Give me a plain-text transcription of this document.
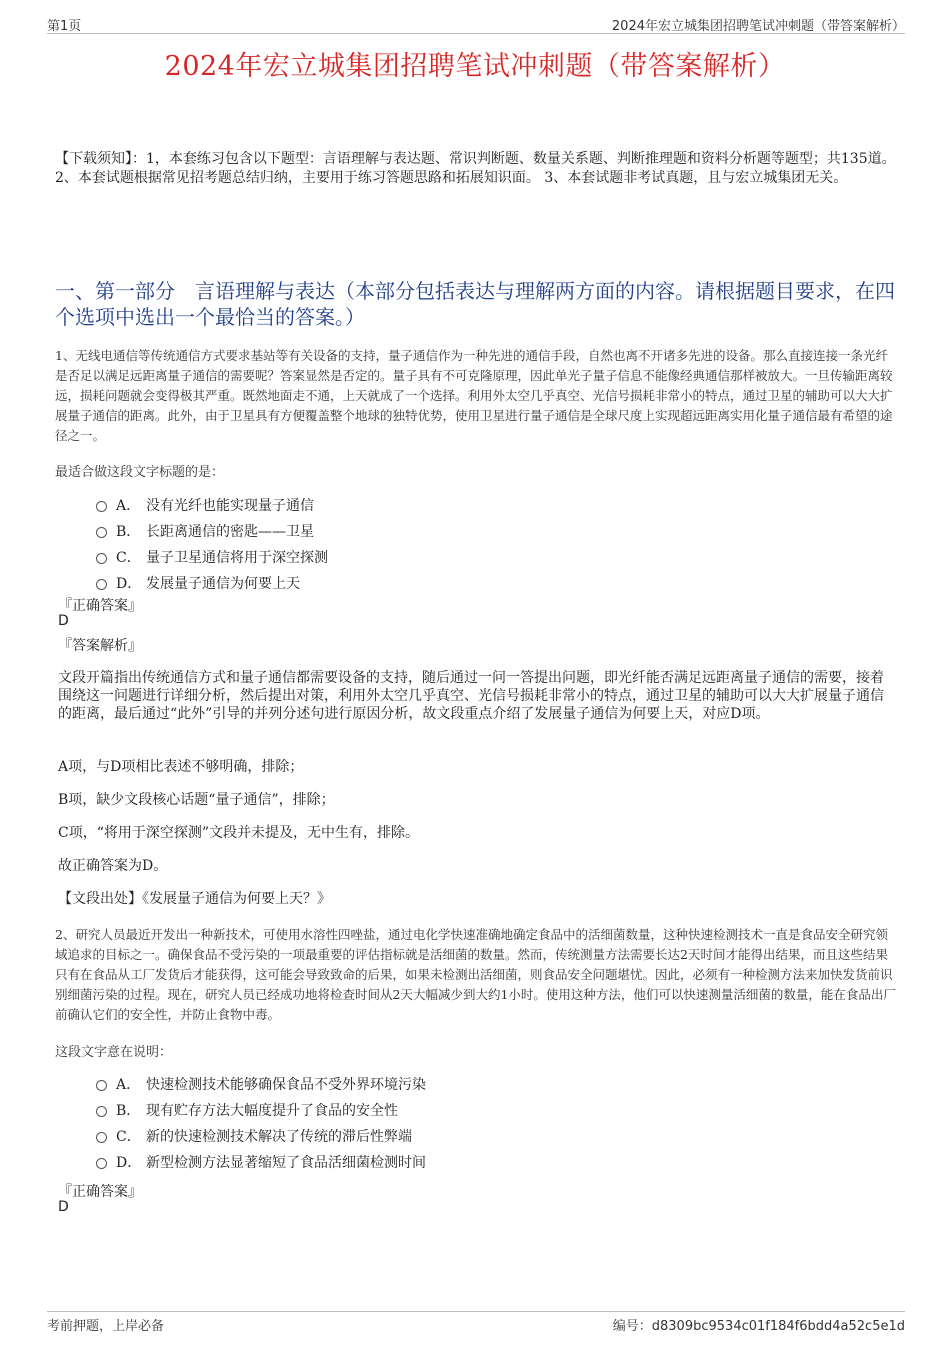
第1页	2024年宏立城集团招聘笔试冲刺题（带答案解析）
2024年宏立城集团招聘笔试冲刺题（带答案解析）
【下载须知】：1，本套练习包含以下题型：言语理解与表达题、常识判断题、数量关系题、判断推理题和资料分析题等题型；共135道。 2、本套试题根据常见招考题总结归纳，主要用于练习答题思路和拓展知识面。 3、本套试题非考试真题，且与宏立城集团无关。
一、第一部分　言语理解与表达（本部分包括表达与理解两方面的内容。请根据题目要求，在四个选项中选出一个最恰当的答案。）
1、无线电通信等传统通信方式要求基站等有关设备的支持，量子通信作为一种先进的通信手段，自然也离不开诸多先进的设备。那么直接连接一条光纤是否足以满足远距离量子通信的需要呢？答案显然是否定的。量子具有不可克隆原理，因此单光子量子信息不能像经典通信那样被放大。一旦传输距离较远，损耗问题就会变得极其严重。既然地面走不通，上天就成了一个选择。利用外太空几乎真空、光信号损耗非常小的特点，通过卫星的辅助可以大大扩展量子通信的距离。此外，由于卫星具有方便覆盖整个地球的独特优势，使用卫星进行量子通信是全球尺度上实现超远距离实用化量子通信最有希望的途径之一。
最适合做这段文字标题的是：
A． 没有光纤也能实现量子通信
B． 长距离通信的密匙——卫星
C． 量子卫星通信将用于深空探测
D． 发展量子通信为何要上天
『正确答案』
D
『答案解析』
文段开篇指出传统通信方式和量子通信都需要设备的支持，随后通过一问一答提出问题，即光纤能否满足远距离量子通信的需要，接着围绕这一问题进行详细分析，然后提出对策，利用外太空几乎真空、光信号损耗非常小的特点，通过卫星的辅助可以大大扩展量子通信的距离，最后通过“此外”引导的并列分述句进行原因分析，故文段重点介绍了发展量子通信为何要上天，对应D项。
A项，与D项相比表述不够明确，排除；
B项，缺少文段核心话题“量子通信”，排除；
C项，“将用于深空探测”文段并未提及，无中生有，排除。
故正确答案为D。
【文段出处】《发展量子通信为何要上天？》
2、研究人员最近开发出一种新技术，可使用水溶性四唑盐，通过电化学快速准确地确定食品中的活细菌数量，这种快速检测技术一直是食品安全研究领域追求的目标之一。确保食品不受污染的一项最重要的评估指标就是活细菌的数量。然而，传统测量方法需要长达2天时间才能得出结果，而且这些结果只有在食品从工厂发货后才能获得，这可能会导致致命的后果，如果未检测出活细菌，则食品安全问题堪忧。因此，必须有一种检测方法来加快发货前识别细菌污染的过程。现在，研究人员已经成功地将检查时间从2天大幅减少到大约1小时。使用这种方法，他们可以快速测量活细菌的数量，能在食品出厂前确认它们的安全性，并防止食物中毒。
这段文字意在说明：
A． 快速检测技术能够确保食品不受外界环境污染
B． 现有贮存方法大幅度提升了食品的安全性
C． 新的快速检测技术解决了传统的滞后性弊端
D． 新型检测方法显著缩短了食品活细菌检测时间
『正确答案』
D
考前押题，上岸必备	编号：d8309bc9534c01f184f6bdd4a52c5e1d
